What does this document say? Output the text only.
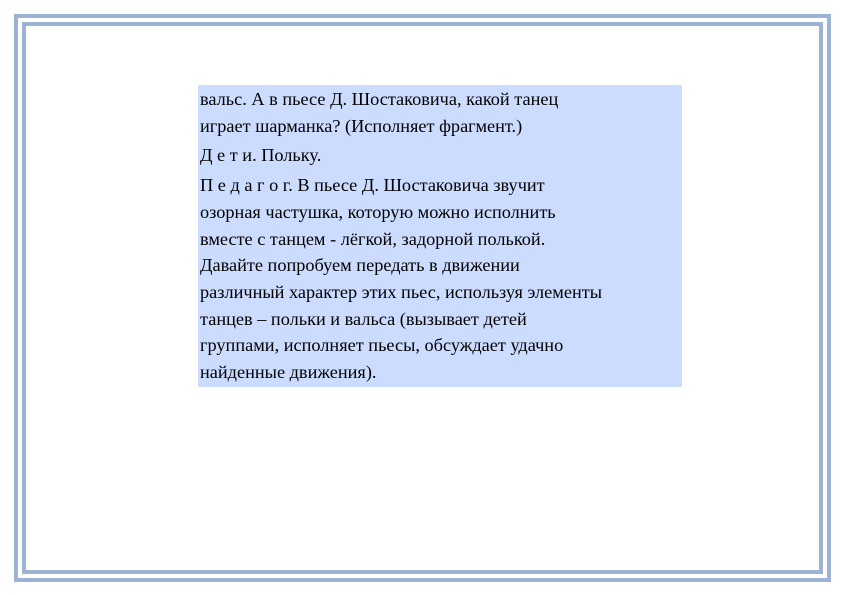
вальс. А в пьесе Д. Шостаковича, какой танец
играет шарманка? (Исполняет фрагмент.)

Д е т и. Польку.

П е д а г о г. В пьесе Д. Шостаковича звучит
озорная частушка, которую можно исполнить
вместе с танцем - лёгкой, задорной полькой.
Давайте попробуем передать в движении
различный характер этих пьес, используя элементы
танцев – польки и вальса (вызывает детей
группами, исполняет пьесы, обсуждает удачно
найденные движения).
